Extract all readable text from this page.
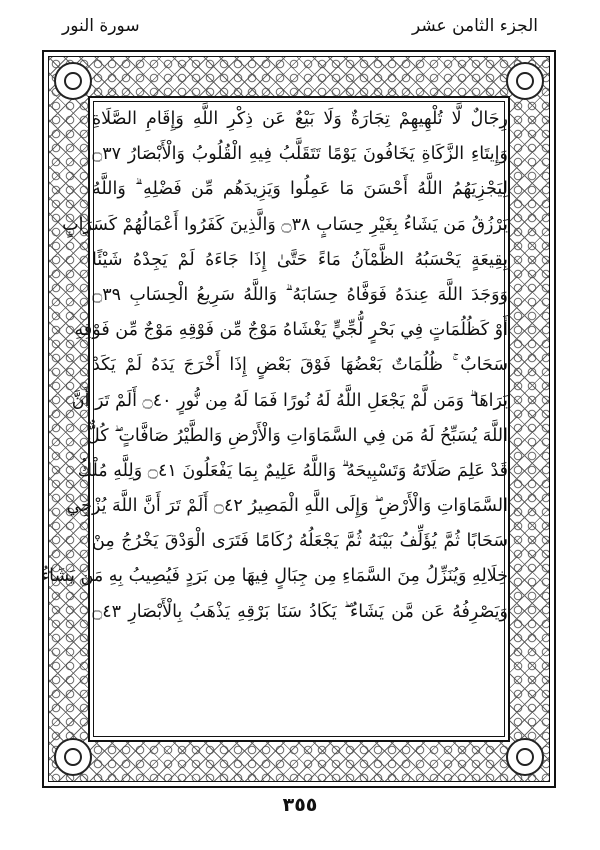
الجزء الثامن عشر
سورة النور
رِجَالٌ لَّا تُلْهِيهِمْ تِجَارَةٌ وَلَا بَيْعٌ عَن ذِكْرِ اللَّهِ وَإِقَامِ الصَّلَاةِ
وَإِيتَاءِ الزَّكَاةِ يَخَافُونَ يَوْمًا تَتَقَلَّبُ فِيهِ الْقُلُوبُ وَالْأَبْصَارُ ۝٣٧
لِيَجْزِيَهُمُ اللَّهُ أَحْسَنَ مَا عَمِلُوا وَيَزِيدَهُم مِّن فَضْلِهِ ۗ وَاللَّهُ
يَرْزُقُ مَن يَشَاءُ بِغَيْرِ حِسَابٍ ۝٣٨ وَالَّذِينَ كَفَرُوا أَعْمَالُهُمْ كَسَرَابٍ
بِقِيعَةٍ يَحْسَبُهُ الظَّمْآنُ مَاءً حَتَّىٰ إِذَا جَاءَهُ لَمْ يَجِدْهُ شَيْئًا
وَوَجَدَ اللَّهَ عِندَهُ فَوَفَّاهُ حِسَابَهُ ۗ وَاللَّهُ سَرِيعُ الْحِسَابِ ۝٣٩
أَوْ كَظُلُمَاتٍ فِي بَحْرٍ لُّجِّيٍّ يَغْشَاهُ مَوْجٌ مِّن فَوْقِهِ مَوْجٌ مِّن فَوْقِهِ
سَحَابٌ ۚ ظُلُمَاتٌ بَعْضُهَا فَوْقَ بَعْضٍ إِذَا أَخْرَجَ يَدَهُ لَمْ يَكَدْ
يَرَاهَا ۗ وَمَن لَّمْ يَجْعَلِ اللَّهُ لَهُ نُورًا فَمَا لَهُ مِن نُّورٍ ۝٤٠ أَلَمْ تَرَ أَنَّ
اللَّهَ يُسَبِّحُ لَهُ مَن فِي السَّمَاوَاتِ وَالْأَرْضِ وَالطَّيْرُ صَافَّاتٍ ۖ كُلٌّ
قَدْ عَلِمَ صَلَاتَهُ وَتَسْبِيحَهُ ۗ وَاللَّهُ عَلِيمٌ بِمَا يَفْعَلُونَ ۝٤١ وَلِلَّهِ مُلْكُ
السَّمَاوَاتِ وَالْأَرْضِ ۖ وَإِلَى اللَّهِ الْمَصِيرُ ۝٤٢ أَلَمْ تَرَ أَنَّ اللَّهَ يُزْجِي
سَحَابًا ثُمَّ يُؤَلِّفُ بَيْنَهُ ثُمَّ يَجْعَلُهُ رُكَامًا فَتَرَى الْوَدْقَ يَخْرُجُ مِنْ
خِلَالِهِ وَيُنَزِّلُ مِنَ السَّمَاءِ مِن جِبَالٍ فِيهَا مِن بَرَدٍ فَيُصِيبُ بِهِ مَن يَشَاءُ
وَيَصْرِفُهُ عَن مَّن يَشَاءُ ۖ يَكَادُ سَنَا بَرْقِهِ يَذْهَبُ بِالْأَبْصَارِ ۝٤٣
٣٥٥
